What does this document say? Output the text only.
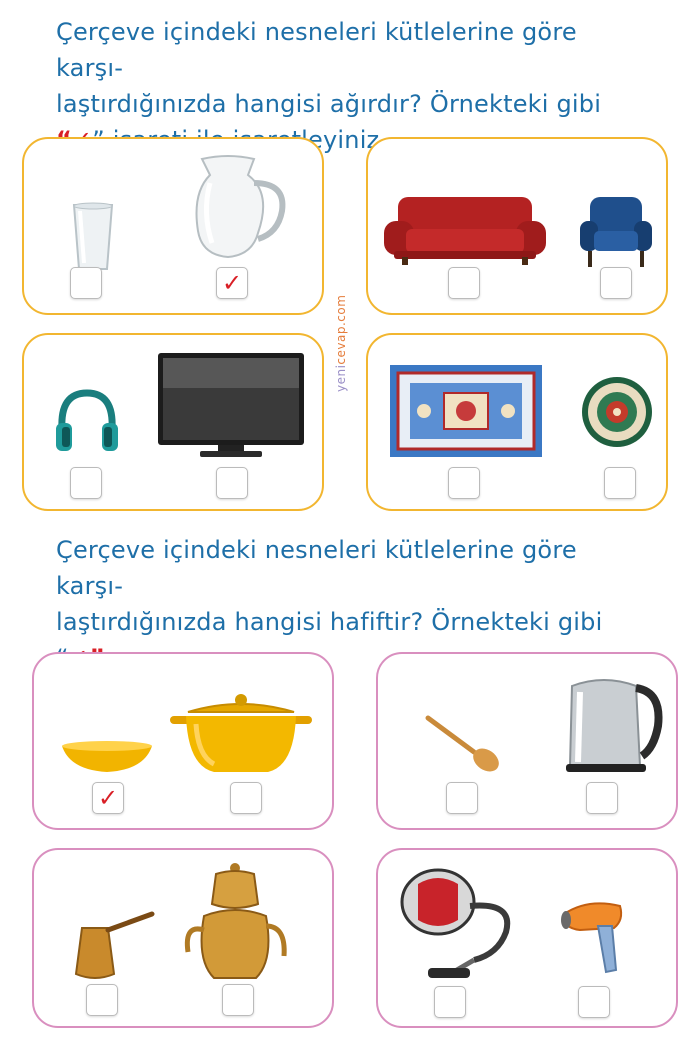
Çerçeve içindeki nesneleri kütlelerine göre karşı-
laştırdığınızda hangisi ağırdır? Örnekteki gibi
✓
yenicevap.com
Çerçeve içindeki nesneleri kütlelerine göre karşı-
laştırdığınızda hangisi hafiftir? Örnekteki gibi
✓
